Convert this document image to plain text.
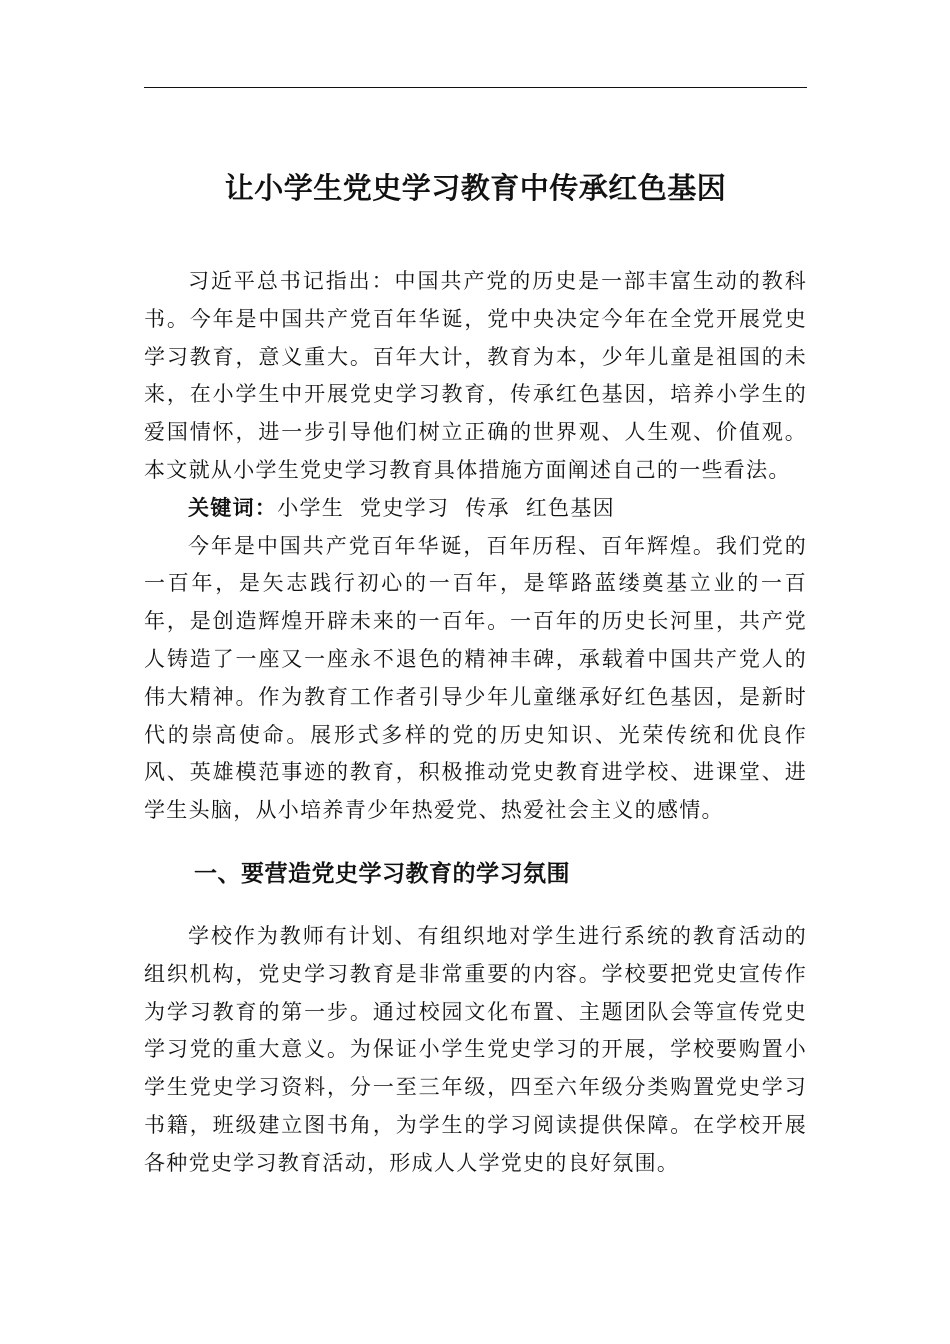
让小学生党史学习教育中传承红色基因

习近平总书记指出：中国共产党的历史是一部丰富生动的教科书。今年是中国共产党百年华诞，党中央决定今年在全党开展党史学习教育，意义重大。百年大计，教育为本，少年儿童是祖国的未来，在小学生中开展党史学习教育，传承红色基因，培养小学生的爱国情怀，进一步引导他们树立正确的世界观、人生观、价值观。本文就从小学生党史学习教育具体措施方面阐述自己的一些看法。

关键词：小学生  党史学习  传承  红色基因

今年是中国共产党百年华诞，百年历程、百年辉煌。我们党的一百年，是矢志践行初心的一百年，是筚路蓝缕奠基立业的一百年，是创造辉煌开辟未来的一百年。一百年的历史长河里，共产党人铸造了一座又一座永不退色的精神丰碑，承载着中国共产党人的伟大精神。作为教育工作者引导少年儿童继承好红色基因，是新时代的崇高使命。展形式多样的党的历史知识、光荣传统和优良作风、英雄模范事迹的教育，积极推动党史教育进学校、进课堂、进学生头脑，从小培养青少年热爱党、热爱社会主义的感情。

一、要营造党史学习教育的学习氛围

学校作为教师有计划、有组织地对学生进行系统的教育活动的组织机构，党史学习教育是非常重要的内容。学校要把党史宣传作为学习教育的第一步。通过校园文化布置、主题团队会等宣传党史学习党的重大意义。为保证小学生党史学习的开展，学校要购置小学生党史学习资料，分一至三年级，四至六年级分类购置党史学习书籍，班级建立图书角，为学生的学习阅读提供保障。在学校开展各种党史学习教育活动，形成人人学党史的良好氛围。
